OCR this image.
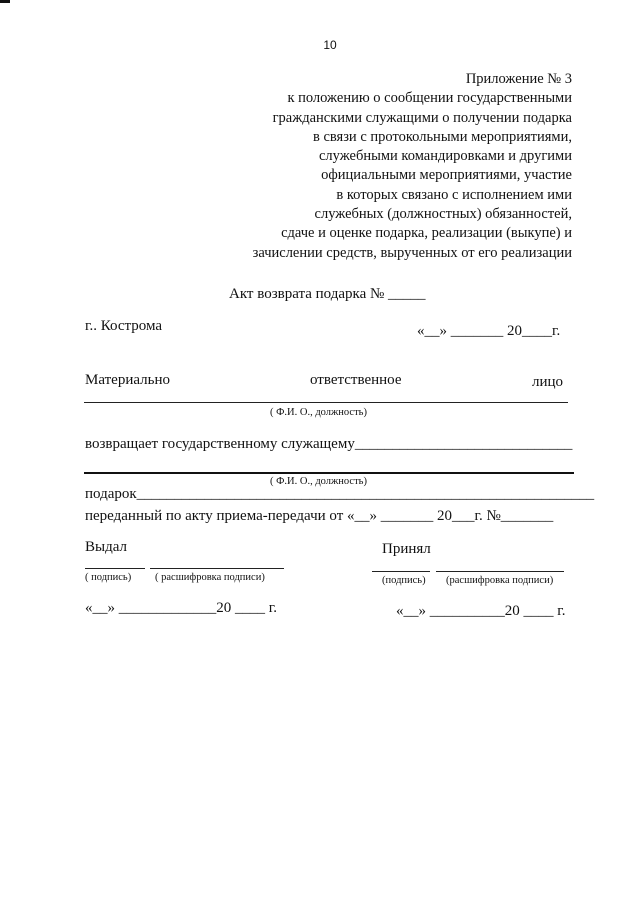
10
Приложение № 3
к положению о сообщении государственными
гражданскими служащими о получении подарка
в связи с протокольными мероприятиями,
служебными командировками и другими
официальными мероприятиями, участие
в которых связано с исполнением ими
служебных (должностных) обязанностей,
сдаче и оценке подарка, реализации (выкупе) и
зачислении средств, вырученных от его реализации
Акт возврата подарка № _____
г.. Кострома	«__» _______ 20____г.
Материально	ответственное	лицо
( Ф.И. О., должность)
возвращает государственному служащему_____________________________
( Ф.И. О., должность)
подарок_____________________________________________________________
переданный по акту приема-передачи от «__» _______ 20___г. №_______
Выдал	Принял
( подпись) ( расшифровка подписи)	(подпись) (расшифровка подписи)
«__» _____________20 ____ г.	«__» __________20 ____ г.
